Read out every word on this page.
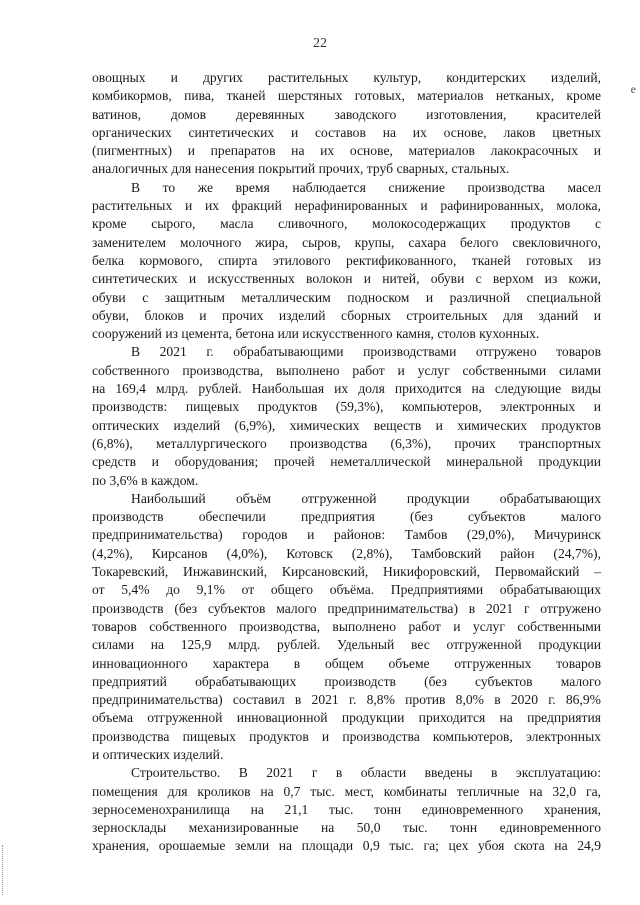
22
е
овощных и других растительных культур, кондитерских изделий,
комбикормов, пива, тканей шерстяных готовых, материалов нетканых, кроме
ватинов, домов деревянных заводского изготовления, красителей
органических синтетических и составов на их основе, лаков цветных
(пигментных) и препаратов на их основе, материалов лакокрасочных и
аналогичных для нанесения покрытий прочих, труб сварных, стальных.
В то же время наблюдается снижение производства масел
растительных и их фракций нерафинированных и рафинированных, молока,
кроме сырого, масла сливочного, молокосодержащих продуктов с
заменителем молочного жира, сыров, крупы, сахара белого свекловичного,
белка кормового, спирта этилового ректификованного, тканей готовых из
синтетических и искусственных волокон и нитей, обуви с верхом из кожи,
обуви с защитным металлическим подноском и различной специальной
обуви, блоков и прочих изделий сборных строительных для зданий и
сооружений из цемента, бетона или искусственного камня, столов кухонных.
В 2021 г. обрабатывающими производствами отгружено товаров
собственного производства, выполнено работ и услуг собственными силами
на 169,4 млрд. рублей. Наибольшая их доля приходится на следующие виды
производств: пищевых продуктов (59,3%), компьютеров, электронных и
оптических изделий (6,9%), химических веществ и химических продуктов
(6,8%), металлургического производства (6,3%), прочих транспортных
средств и оборудования; прочей неметаллической минеральной продукции
по 3,6% в каждом.
Наибольший объём отгруженной продукции обрабатывающих
производств обеспечили предприятия (без субъектов малого
предпринимательства) городов и районов: Тамбов (29,0%), Мичуринск
(4,2%), Кирсанов (4,0%), Котовск (2,8%), Тамбовский район (24,7%),
Токаревский, Инжавинский, Кирсановский, Никифоровский, Первомайский –
от 5,4% до 9,1% от общего объёма. Предприятиями обрабатывающих
производств (без субъектов малого предпринимательства) в 2021 г отгружено
товаров собственного производства, выполнено работ и услуг собственными
силами на 125,9 млрд. рублей. Удельный вес отгруженной продукции
инновационного характера в общем объеме отгруженных товаров
предприятий обрабатывающих производств (без субъектов малого
предпринимательства) составил в 2021 г. 8,8% против 8,0% в 2020 г. 86,9%
объема отгруженной инновационной продукции приходится на предприятия
производства пищевых продуктов и производства компьютеров, электронных
и оптических изделий.
Строительство. В 2021 г в области введены в эксплуатацию:
помещения для кроликов на 0,7 тыс. мест, комбинаты тепличные на 32,0 га,
зерносеменохранилища на 21,1 тыс. тонн единовременного хранения,
зерносклады механизированные на 50,0 тыс. тонн единовременного
хранения, орошаемые земли на площади 0,9 тыс. га; цех убоя скота на 24,9
